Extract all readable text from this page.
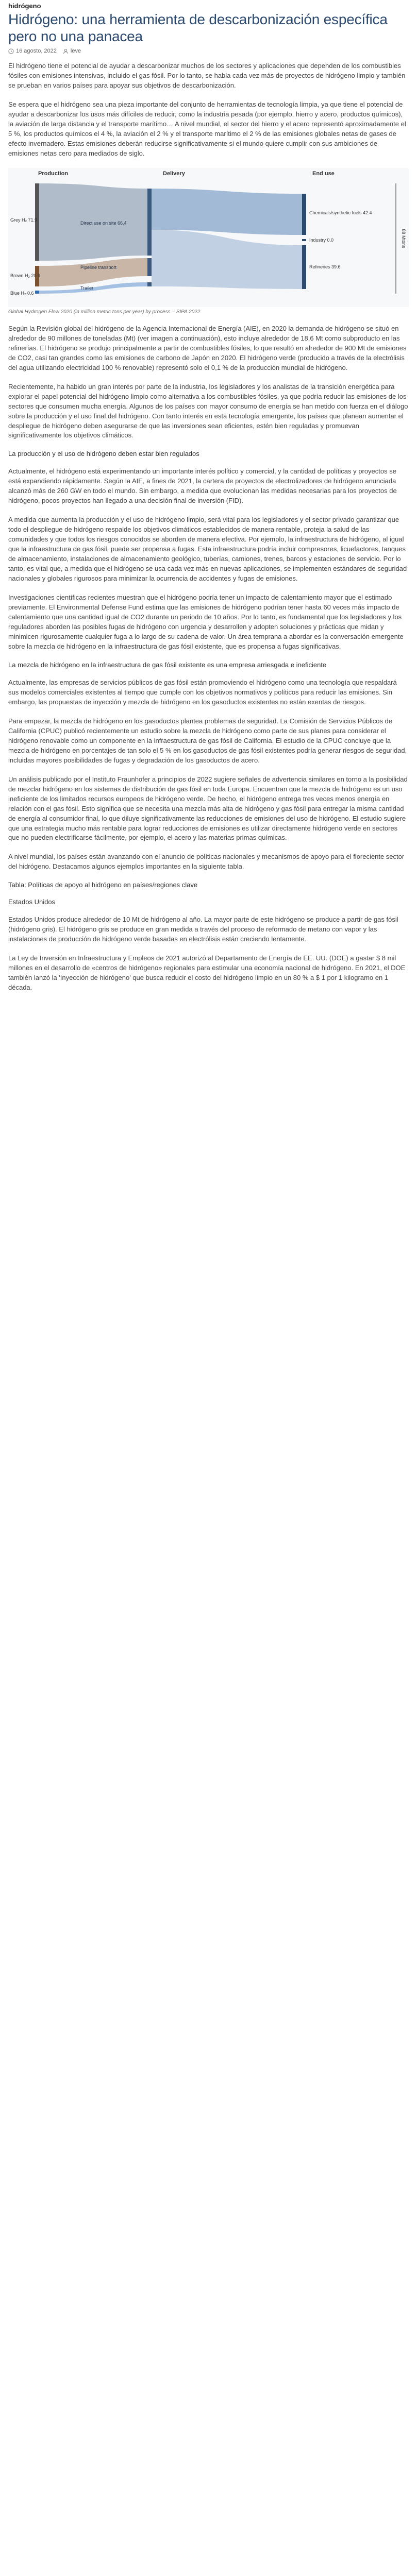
hidrógeno
Hidrógeno: una herramienta de descarbonización específica pero no una panacea
16 agosto, 2022 leve

El hidrógeno tiene el potencial de ayudar a descarbonizar muchos de los sectores y aplicaciones que dependen de los combustibles fósiles con emisiones intensivas, incluido el gas fósil. Por lo tanto, se habla cada vez más de proyectos de hidrógeno limpio y también se prueban en varios países para apoyar sus objetivos de descarbonización.

Se espera que el hidrógeno sea una pieza importante del conjunto de herramientas de tecnología limpia, ya que tiene el potencial de ayudar a descarbonizar los usos más difíciles de reducir, como la industria pesada (por ejemplo, hierro y acero, productos químicos), la aviación de larga distancia y el transporte marítimo… A nivel mundial, el sector del hierro y el acero representó aproximadamente el 5 %, los productos químicos el 4 %, la aviación el 2 % y el transporte marítimo el 2 % de las emisiones globales netas de gases de efecto invernadero. Estas emisiones deberán reducirse significativamente si el mundo quiere cumplir con sus ambiciones de emisiones netas cero para mediados de siglo.

Production	Delivery	End use
Grey H₂ 71.9
Brown H₂ 20.9
Blue H₂ 0.6
Direct use on site 66.4
Pipeline transport
Trailer
Chemicals/synthetic fuels 42.4
Industry 0.0
Refineries 39.6
88 Mtons
Global Hydrogen Flow 2020 (in million metric tons per year) by process – SIPA 2022

Según la Revisión global del hidrógeno de la Agencia Internacional de Energía (AIE), en 2020 la demanda de hidrógeno se situó en alrededor de 90 millones de toneladas (Mt) (ver imagen a continuación), esto incluye alrededor de 18,6 Mt como subproducto en las refinerías. El hidrógeno se produjo principalmente a partir de combustibles fósiles, lo que resultó en alrededor de 900 Mt de emisiones de CO2, casi tan grandes como las emisiones de carbono de Japón en 2020. El hidrógeno verde (producido a través de la electrólisis del agua utilizando electricidad 100 % renovable) representó solo el 0,1 % de la producción mundial de hidrógeno.

Recientemente, ha habido un gran interés por parte de la industria, los legisladores y los analistas de la transición energética para explorar el papel potencial del hidrógeno limpio como alternativa a los combustibles fósiles, ya que podría reducir las emisiones de los sectores que consumen mucha energía. Algunos de los países con mayor consumo de energía se han metido con fuerza en el diálogo sobre la producción y el uso final del hidrógeno. Con tanto interés en esta tecnología emergente, los países que planean aumentar el despliegue de hidrógeno deben asegurarse de que las inversiones sean eficientes, estén bien reguladas y promuevan significativamente los objetivos climáticos.

La producción y el uso de hidrógeno deben estar bien regulados

Actualmente, el hidrógeno está experimentando un importante interés político y comercial, y la cantidad de políticas y proyectos se está expandiendo rápidamente. Según la AIE, a fines de 2021, la cartera de proyectos de electrolizadores de hidrógeno anunciada alcanzó más de 260 GW en todo el mundo. Sin embargo, a medida que evolucionan las medidas necesarias para los proyectos de hidrógeno, pocos proyectos han llegado a una decisión final de inversión (FID).

A medida que aumenta la producción y el uso de hidrógeno limpio, será vital para los legisladores y el sector privado garantizar que todo el despliegue de hidrógeno respalde los objetivos climáticos establecidos de manera rentable, proteja la salud de las comunidades y que todos los riesgos conocidos se aborden de manera efectiva. Por ejemplo, la infraestructura de hidrógeno, al igual que la infraestructura de gas fósil, puede ser propensa a fugas. Esta infraestructura podría incluir compresores, licuefactores, tanques de almacenamiento, instalaciones de almacenamiento geológico, tuberías, camiones, trenes, barcos y estaciones de servicio. Por lo tanto, es vital que, a medida que el hidrógeno se usa cada vez más en nuevas aplicaciones, se implementen estándares de seguridad nacionales y globales rigurosos para minimizar la ocurrencia de accidentes y fugas de emisiones.

Investigaciones científicas recientes muestran que el hidrógeno podría tener un impacto de calentamiento mayor que el estimado previamente. El Environmental Defense Fund estima que las emisiones de hidrógeno podrían tener hasta 60 veces más impacto de calentamiento que una cantidad igual de CO2 durante un periodo de 10 años. Por lo tanto, es fundamental que los legisladores y los reguladores aborden las posibles fugas de hidrógeno con urgencia y desarrollen y adopten soluciones y prácticas que midan y minimicen rigurosamente cualquier fuga a lo largo de su cadena de valor. Un área temprana a abordar es la conversación emergente sobre la mezcla de hidrógeno en la infraestructura de gas fósil existente, que es propensa a fugas significativas.

La mezcla de hidrógeno en la infraestructura de gas fósil existente es una empresa arriesgada e ineficiente

Actualmente, las empresas de servicios públicos de gas fósil están promoviendo el hidrógeno como una tecnología que respaldará sus modelos comerciales existentes al tiempo que cumple con los objetivos normativos y políticos para reducir las emisiones. Sin embargo, las propuestas de inyección y mezcla de hidrógeno en los gasoductos existentes no están exentas de riesgos.

Para empezar, la mezcla de hidrógeno en los gasoductos plantea problemas de seguridad. La Comisión de Servicios Públicos de California (CPUC) publicó recientemente un estudio sobre la mezcla de hidrógeno como parte de sus planes para considerar el hidrógeno renovable como un componente en la infraestructura de gas fósil de California. El estudio de la CPUC concluye que la mezcla de hidrógeno en porcentajes de tan solo el 5 % en los gasoductos de gas fósil existentes podría generar riesgos de seguridad, incluidas mayores posibilidades de fugas y degradación de los gasoductos de acero.

Un análisis publicado por el Instituto Fraunhofer a principios de 2022 sugiere señales de advertencia similares en torno a la posibilidad de mezclar hidrógeno en los sistemas de distribución de gas fósil en toda Europa. Encuentran que la mezcla de hidrógeno es un uso ineficiente de los limitados recursos europeos de hidrógeno verde. De hecho, el hidrógeno entrega tres veces menos energía en relación con el gas fósil. Esto significa que se necesita una mezcla más alta de hidrógeno y gas fósil para entregar la misma cantidad de energía al consumidor final, lo que diluye significativamente las reducciones de emisiones del uso de hidrógeno. El estudio sugiere que una estrategia mucho más rentable para lograr reducciones de emisiones es utilizar directamente hidrógeno verde en sectores que no pueden electrificarse fácilmente, por ejemplo, el acero y las materias primas químicas.

A nivel mundial, los países están avanzando con el anuncio de políticas nacionales y mecanismos de apoyo para el floreciente sector del hidrógeno. Destacamos algunos ejemplos importantes en la siguiente tabla.

Tabla: Políticas de apoyo al hidrógeno en países/regiones clave

Estados Unidos

Estados Unidos produce alrededor de 10 Mt de hidrógeno al año. La mayor parte de este hidrógeno se produce a partir de gas fósil (hidrógeno gris). El hidrógeno gris se produce en gran medida a través del proceso de reformado de metano con vapor y las instalaciones de producción de hidrógeno verde basadas en electrólisis están creciendo lentamente.

La Ley de Inversión en Infraestructura y Empleos de 2021 autorizó al Departamento de Energía de EE. UU. (DOE) a gastar $ 8 mil millones en el desarrollo de «centros de hidrógeno» regionales para estimular una economía nacional de hidrógeno. En 2021, el DOE también lanzó la 'Inyección de hidrógeno' que busca reducir el costo del hidrógeno limpio en un 80 % a $ 1 por 1 kilogramo en 1 década.
